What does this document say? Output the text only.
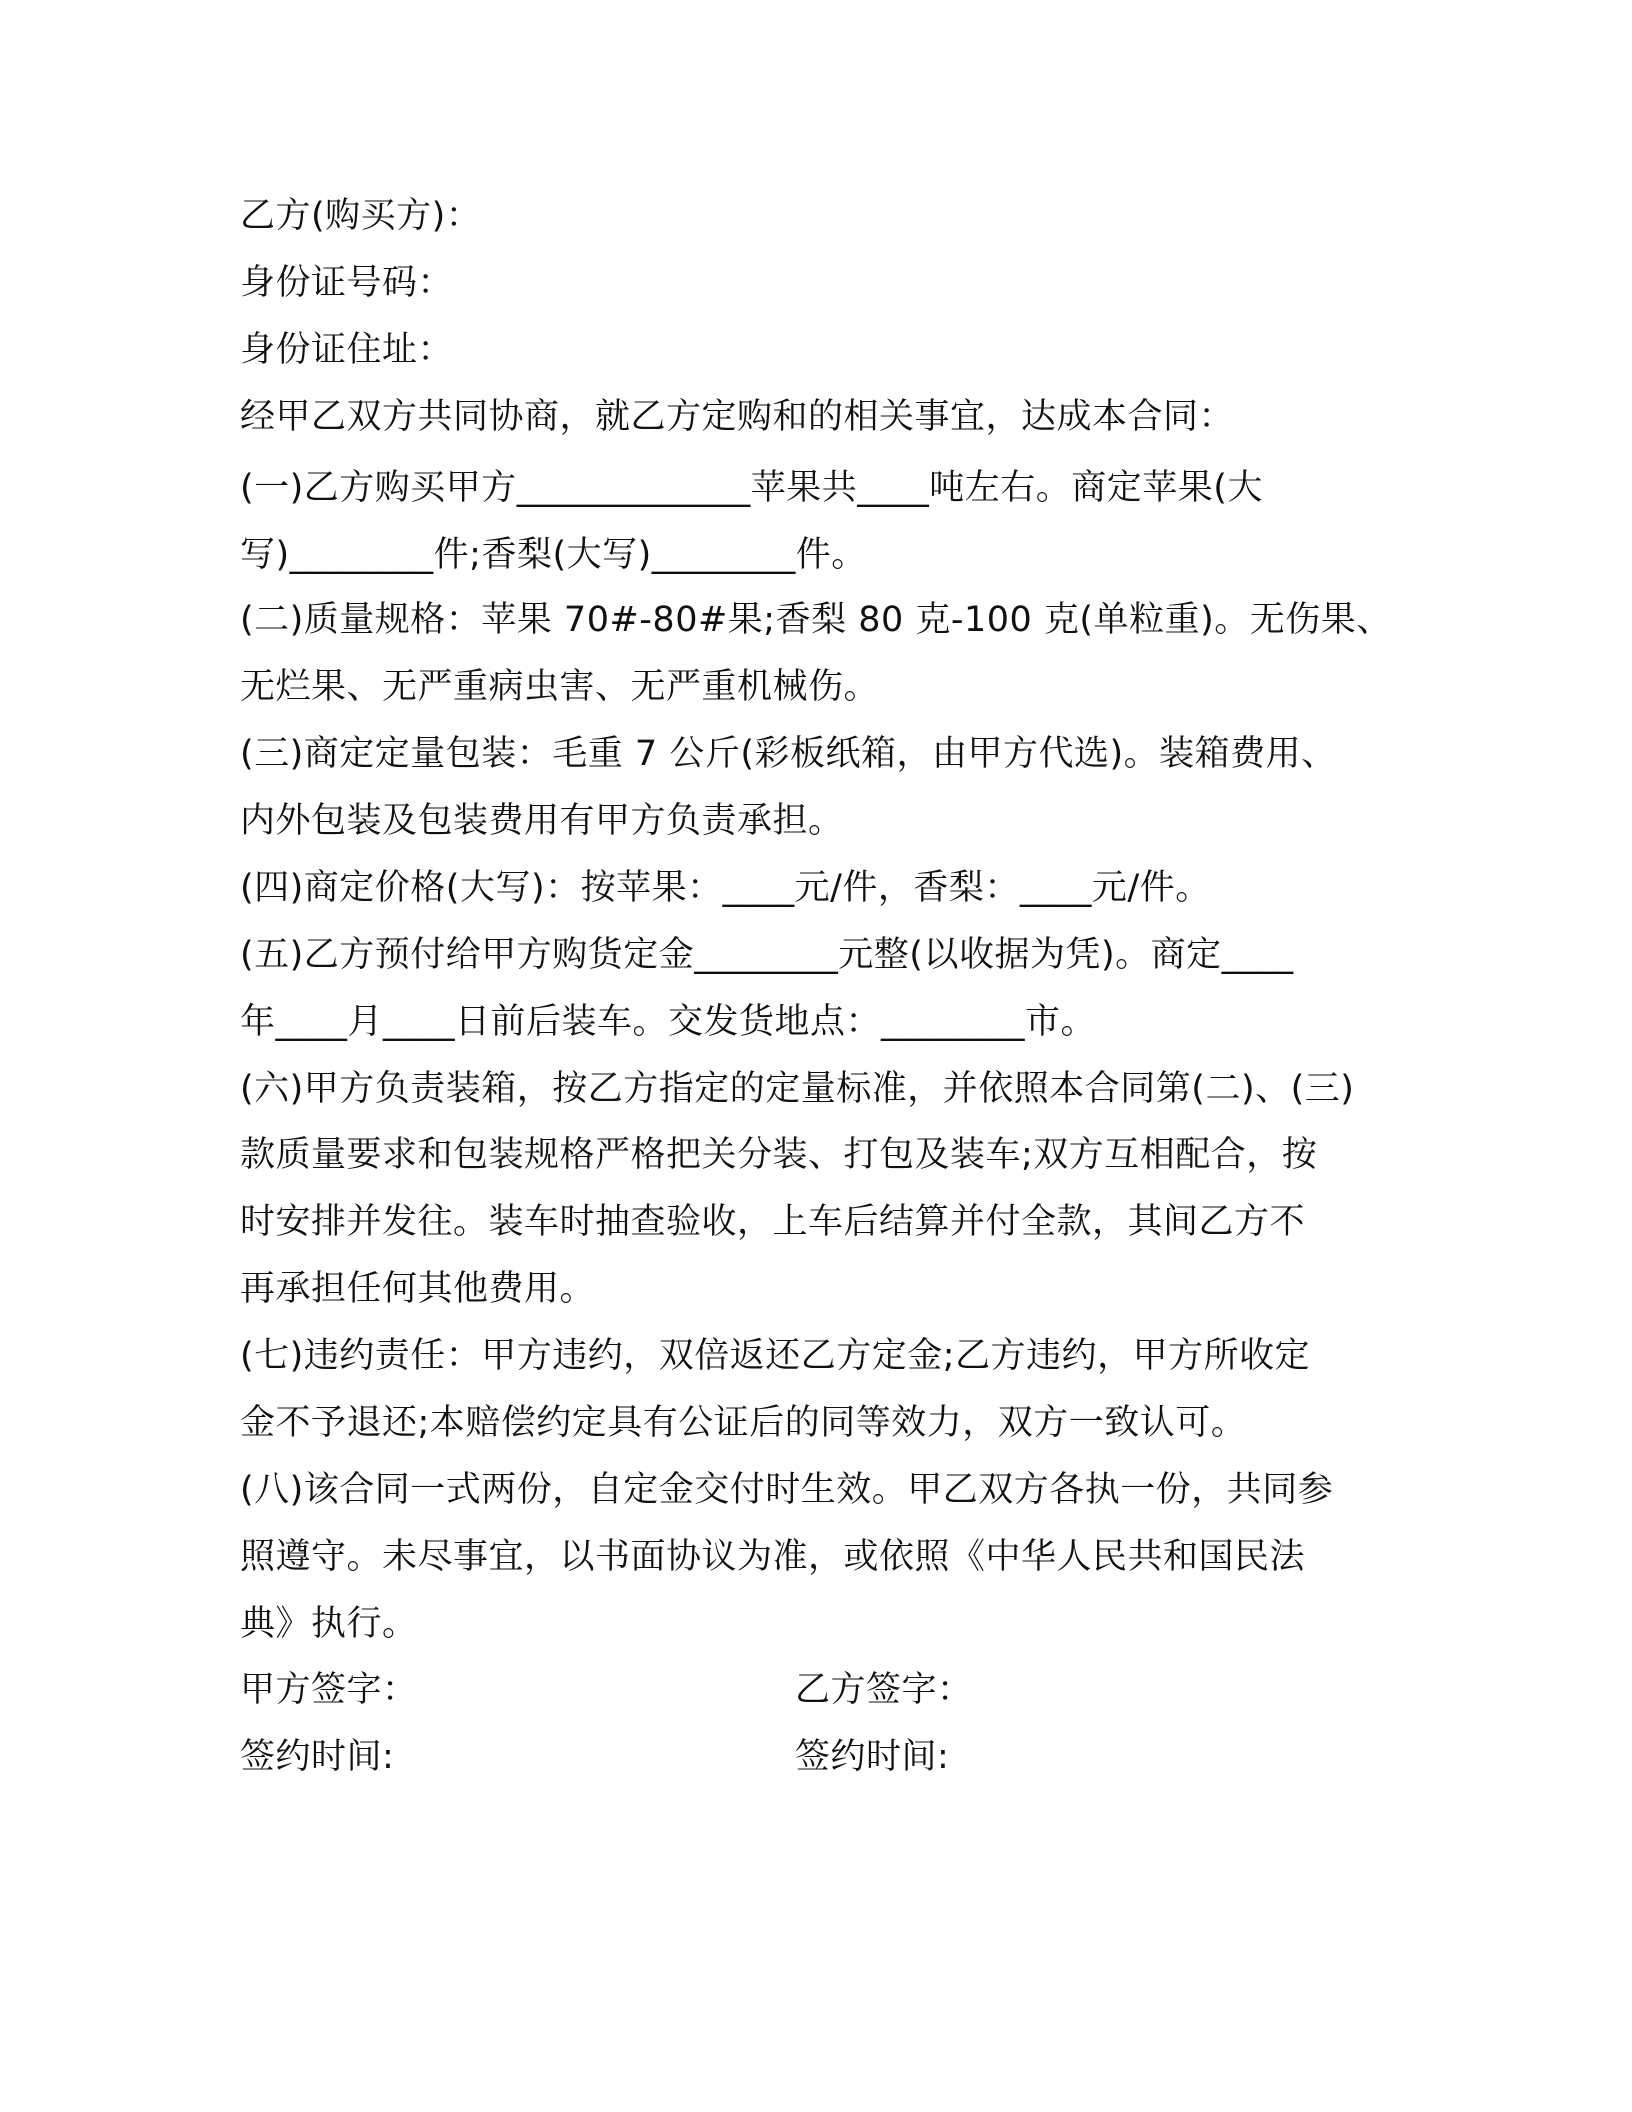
乙方(购买方)：
身份证号码：
身份证住址：
经甲乙双方共同协商，就乙方定购和的相关事宜，达成本合同：
(一)乙方购买甲方_____________苹果共____吨左右。商定苹果(大
写)________件;香梨(大写)________件。
(二)质量规格：苹果 70#-80#果;香梨 80 克-100 克(单粒重)。无伤果、
无烂果、无严重病虫害、无严重机械伤。
(三)商定定量包装：毛重 7 公斤(彩板纸箱，由甲方代选)。装箱费用、
内外包装及包装费用有甲方负责承担。
(四)商定价格(大写)：按苹果：____元/件，香梨：____元/件。
(五)乙方预付给甲方购货定金________元整(以收据为凭)。商定____
年____月____日前后装车。交发货地点：________市。
(六)甲方负责装箱，按乙方指定的定量标准，并依照本合同第(二)、(三)
款质量要求和包装规格严格把关分装、打包及装车;双方互相配合，按
时安排并发往。装车时抽查验收，上车后结算并付全款，其间乙方不
再承担任何其他费用。
(七)违约责任：甲方违约，双倍返还乙方定金;乙方违约，甲方所收定
金不予退还;本赔偿约定具有公证后的同等效力，双方一致认可。
(八)该合同一式两份，自定金交付时生效。甲乙双方各执一份，共同参
照遵守。未尽事宜，以书面协议为准，或依照《中华人民共和国民法
典》执行。
甲方签字：	乙方签字：
签约时间:	签约时间:
